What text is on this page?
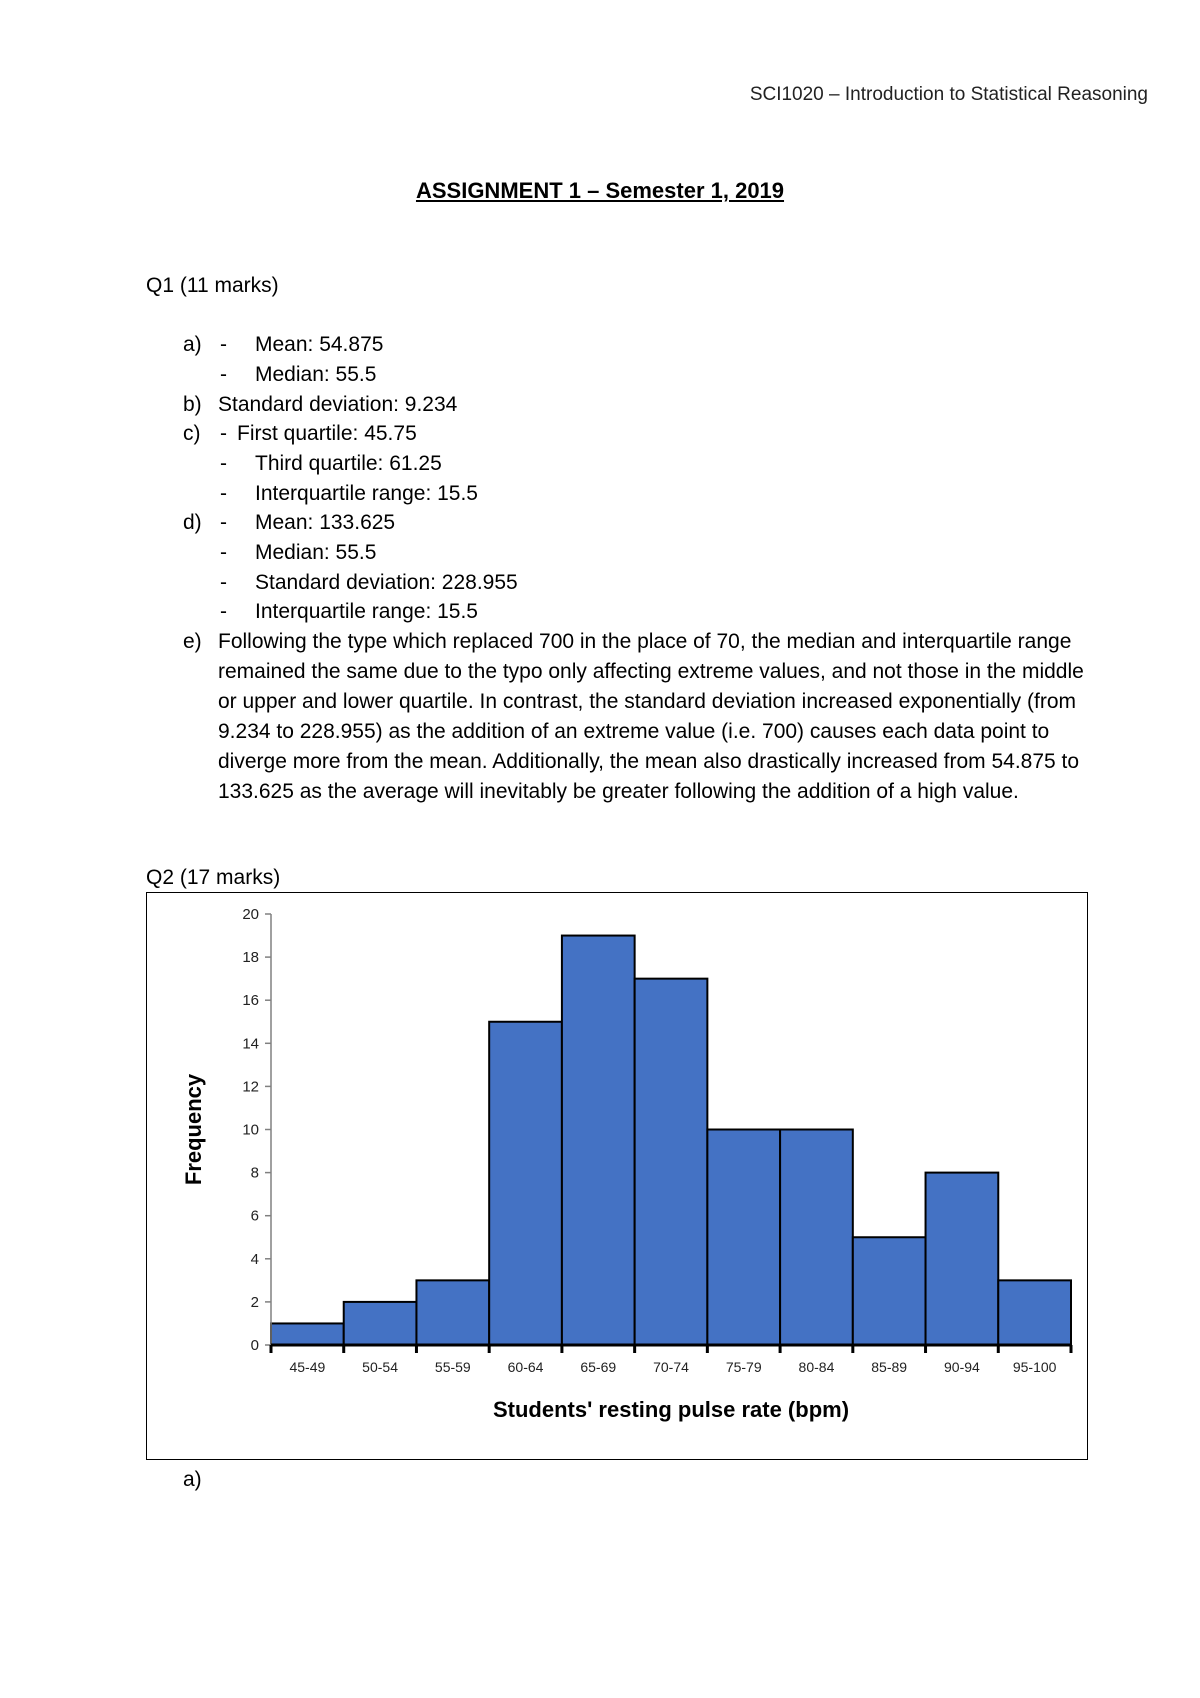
SCI1020 – Introduction to Statistical Reasoning
ASSIGNMENT 1 – Semester 1, 2019
Q1 (11 marks)
a) - Mean: 54.875
- Median: 55.5
b) Standard deviation: 9.234
c) - First quartile: 45.75
- Third quartile: 61.25
- Interquartile range: 15.5
d) - Mean: 133.625
- Median: 55.5
- Standard deviation: 228.955
- Interquartile range: 15.5
e) Following the type which replaced 700 in the place of 70, the median and interquartile range remained the same due to the typo only affecting extreme values, and not those in the middle or upper and lower quartile. In contrast, the standard deviation increased exponentially (from 9.234 to 228.955) as the addition of an extreme value (i.e. 700) causes each data point to diverge more from the mean. Additionally, the mean also drastically increased from 54.875 to 133.625 as the average will inevitably be greater following the addition of a high value.
Q2 (17 marks)
0
2
4
6
8
10
12
14
16
18
20
45-49	50-54	55-59	60-64	65-69	70-74	75-79	80-84	85-89	90-94 95-100
Students' resting pulse rate (bpm)
Frequency
a)
